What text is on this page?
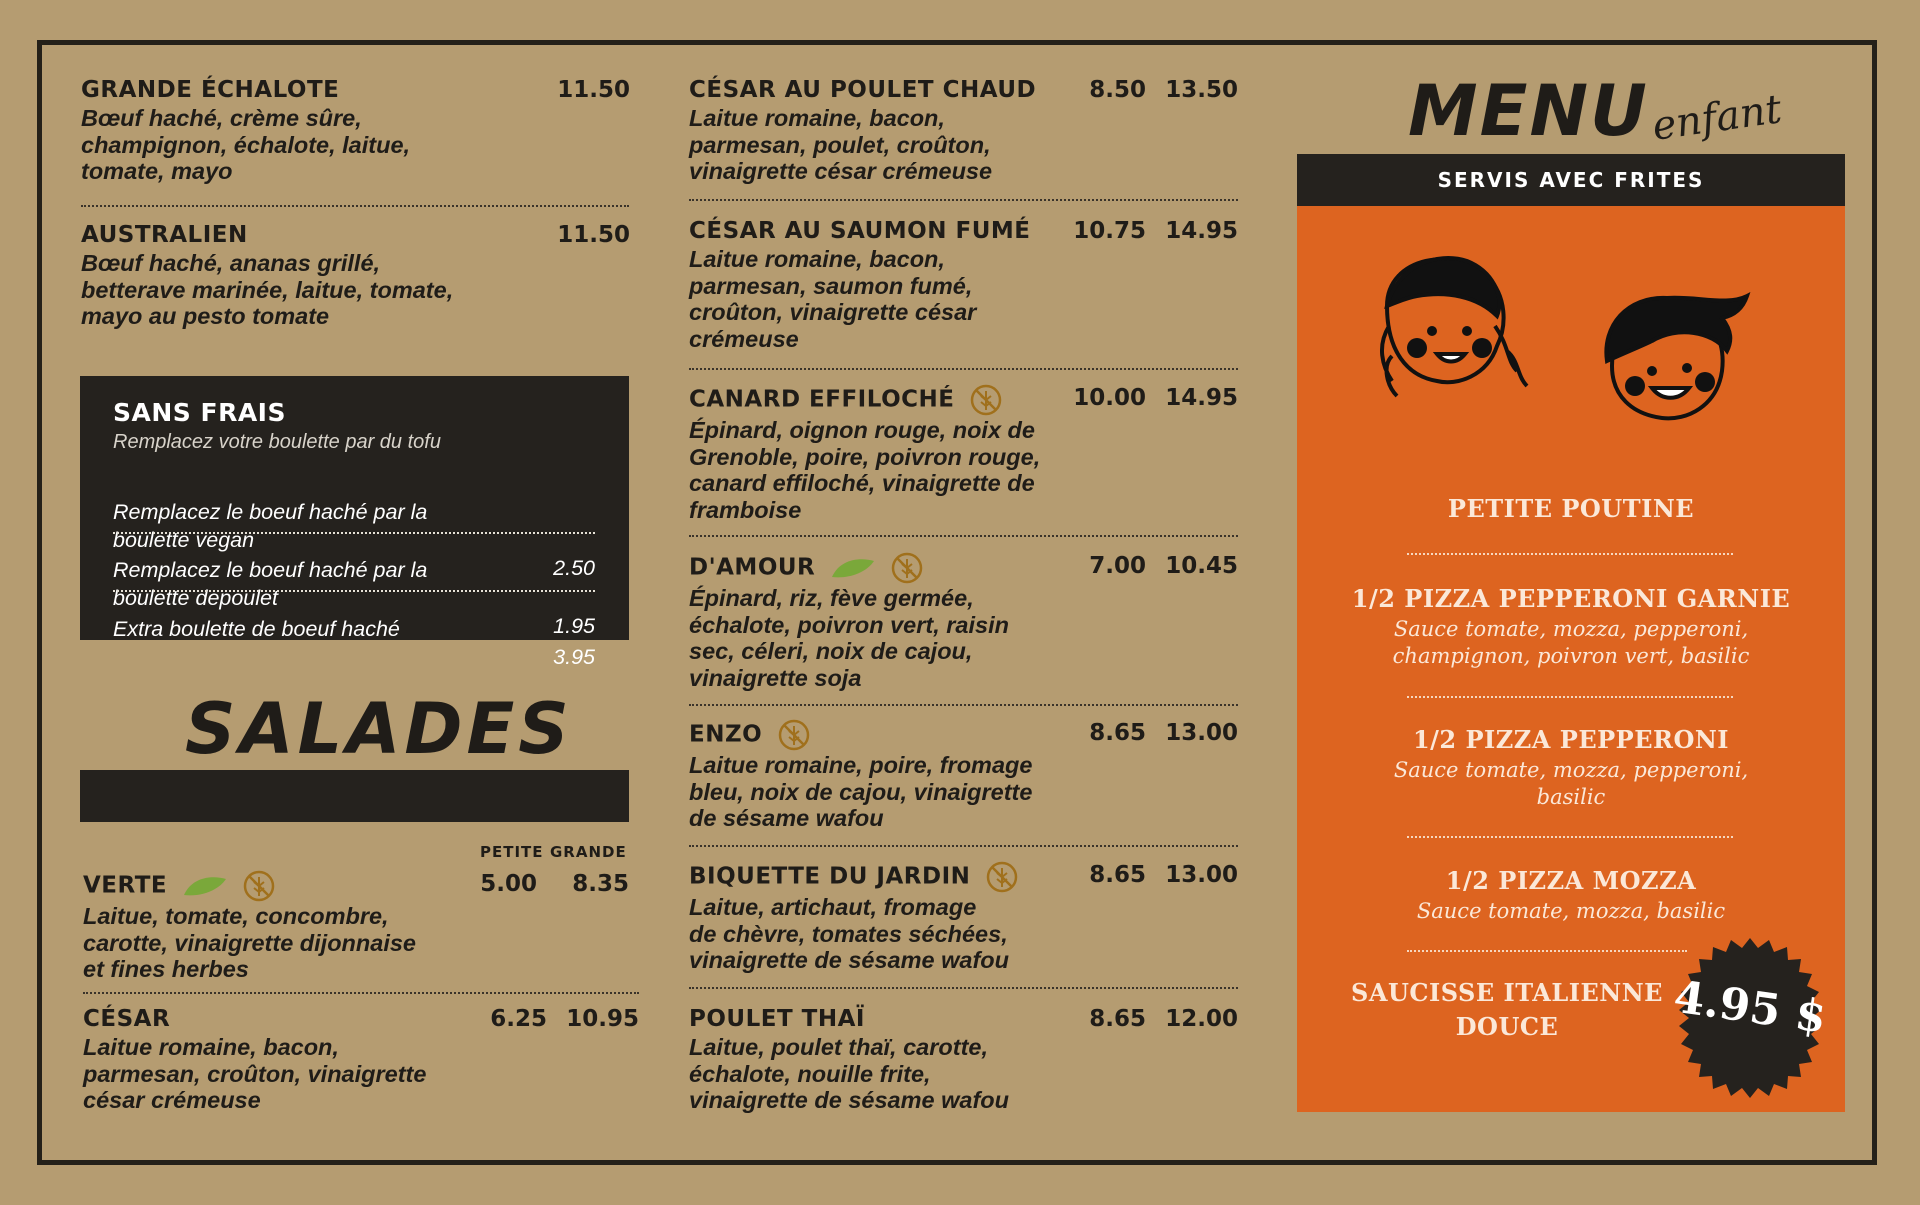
GRANDE ÉCHALOTE
Bœuf haché, crème sûre,
champignon, échalote, laitue,
tomate, mayo
11.50
AUSTRALIEN
Bœuf haché, ananas grillé,
betterave marinée, laitue, tomate,
mayo au pesto tomate
11.50
SANS FRAIS
Remplacez votre boulette par du tofu

Remplacez le boeuf haché par la
boulette vegan

2.50

Remplacez le boeuf haché par la
boulette depoulet

1.95

Extra boulette de boeuf haché

3.95

SALADES
PETITE GRANDE
VERTE
Laitue, tomate, concombre,
carotte, vinaigrette dijonnaise
et fines herbes
5.00	8.35
CÉSAR
Laitue romaine, bacon,
parmesan, croûton, vinaigrette
césar crémeuse
6.25 10.95
CÉSAR AU POULET CHAUD
Laitue romaine, bacon,
parmesan, poulet, croûton,
vinaigrette césar crémeuse
8.50 13.50
CÉSAR AU SAUMON FUMÉ
Laitue romaine, bacon,
parmesan, saumon fumé,
croûton, vinaigrette césar
crémeuse
10.75 14.95
CANARD EFFILOCHÉ
Épinard, oignon rouge, noix de
Grenoble, poire, poivron rouge,
canard effiloché, vinaigrette de
framboise
10.00 14.95
D'AMOUR
Épinard, riz, fève germée,
échalote, poivron vert, raisin
sec, céleri, noix de cajou,
vinaigrette soja
7.00 10.45
ENZO
Laitue romaine, poire, fromage
bleu, noix de cajou, vinaigrette
de sésame wafou
8.65 13.00
BIQUETTE DU JARDIN
Laitue, artichaut, fromage
de chèvre, tomates séchées,
vinaigrette de sésame wafou
8.65 13.00
POULET THAÏ
Laitue, poulet thaï, carotte,
échalote, nouille frite,
vinaigrette de sésame wafou
8.65 12.00
MENU enfant
SERVIS AVEC FRITES
PETITE POUTINE
1/2 PIZZA PEPPERONI GARNIE
Sauce tomate, mozza, pepperoni,
champignon, poivron vert, basilic
1/2 PIZZA PEPPERONI
Sauce tomate, mozza, pepperoni,
basilic
1/2 PIZZA MOZZA
Sauce tomate, mozza, basilic
SAUCISSE ITALIENNE
DOUCE	4.95 $
